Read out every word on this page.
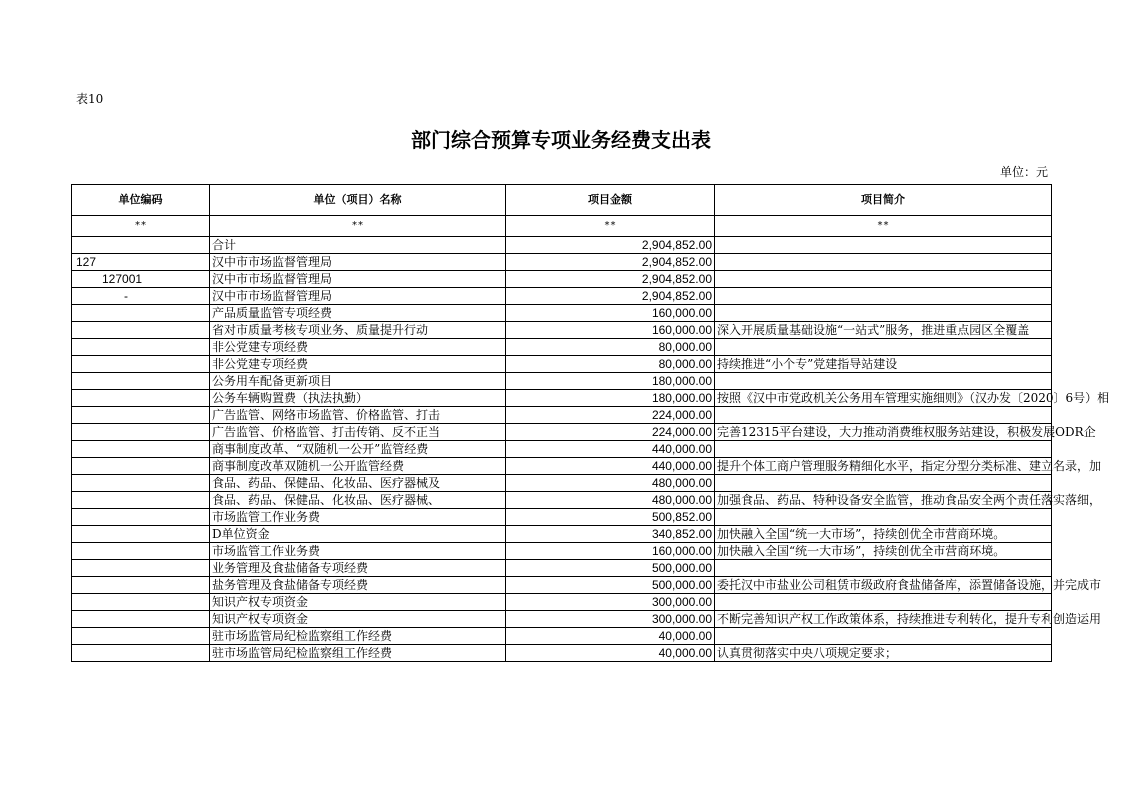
表10
部门综合预算专项业务经费支出表
单位：元
单位编码	单位（项目）名称	项目金额	项目简介
**	**	**	**
	合计	2,904,852.00	
127	汉中市市场监督管理局	2,904,852.00	
127001	汉中市市场监督管理局	2,904,852.00	
-	汉中市市场监督管理局	2,904,852.00	
	产品质量监管专项经费	160,000.00	
	省对市质量考核专项业务、质量提升行动	160,000.00	深入开展质量基础设施“一站式”服务，推进重点园区全覆盖
	非公党建专项经费	80,000.00	
	非公党建专项经费	80,000.00	持续推进“小个专”党建指导站建设
	公务用车配备更新项目	180,000.00	
	公务车辆购置费（执法执勤）	180,000.00	按照《汉中市党政机关公务用车管理实施细则》（汉办发〔2020〕6号）相
	广告监管、网络市场监管、价格监管、打击	224,000.00	
	广告监管、价格监管、打击传销、反不正当	224,000.00	完善12315平台建设，大力推动消费维权服务站建设，积极发展ODR企
	商事制度改革、“双随机一公开”监管经费	440,000.00	
	商事制度改革双随机一公开监管经费	440,000.00	提升个体工商户管理服务精细化水平，指定分型分类标准、建立名录，加
	食品、药品、保健品、化妆品、医疗器械及	480,000.00	
	食品、药品、保健品、化妆品、医疗器械、	480,000.00	加强食品、药品、特种设备安全监管，推动食品安全两个责任落实落细，
	市场监管工作业务费	500,852.00	
	D单位资金	340,852.00	加快融入全国“统一大市场”，持续创优全市营商环境。
	市场监管工作业务费	160,000.00	加快融入全国“统一大市场”，持续创优全市营商环境。
	业务管理及食盐储备专项经费	500,000.00	
	盐务管理及食盐储备专项经费	500,000.00	委托汉中市盐业公司租赁市级政府食盐储备库，添置储备设施，并完成市
	知识产权专项资金	300,000.00	
	知识产权专项资金	300,000.00	不断完善知识产权工作政策体系，持续推进专利转化，提升专利创造运用
	驻市场监管局纪检监察组工作经费	40,000.00	
	驻市场监管局纪检监察组工作经费	40,000.00	认真贯彻落实中央八项规定要求；
